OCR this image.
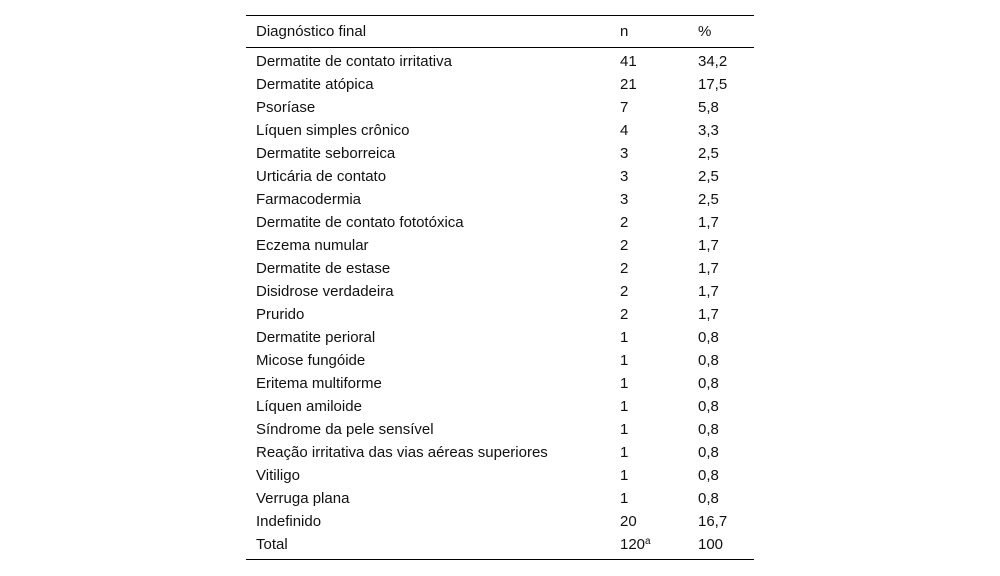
Diagnóstico final	n	%
Dermatite de contato irritativa	41	34,2
Dermatite atópica	21	17,5
Psoríase	7	5,8
Líquen simples crônico	4	3,3
Dermatite seborreica	3	2,5
Urticária de contato	3	2,5
Farmacodermia	3	2,5
Dermatite de contato fototóxica	2	1,7
Eczema numular	2	1,7
Dermatite de estase	2	1,7
Disidrose verdadeira	2	1,7
Prurido	2	1,7
Dermatite perioral	1	0,8
Micose fungóide	1	0,8
Eritema multiforme	1	0,8
Líquen amiloide	1	0,8
Síndrome da pele sensível	1	0,8
Reação irritativa das vias aéreas superiores	1	0,8
Vitiligo	1	0,8
Verruga plana	1	0,8
Indefinido	20	16,7
Total	120$^a$	100
